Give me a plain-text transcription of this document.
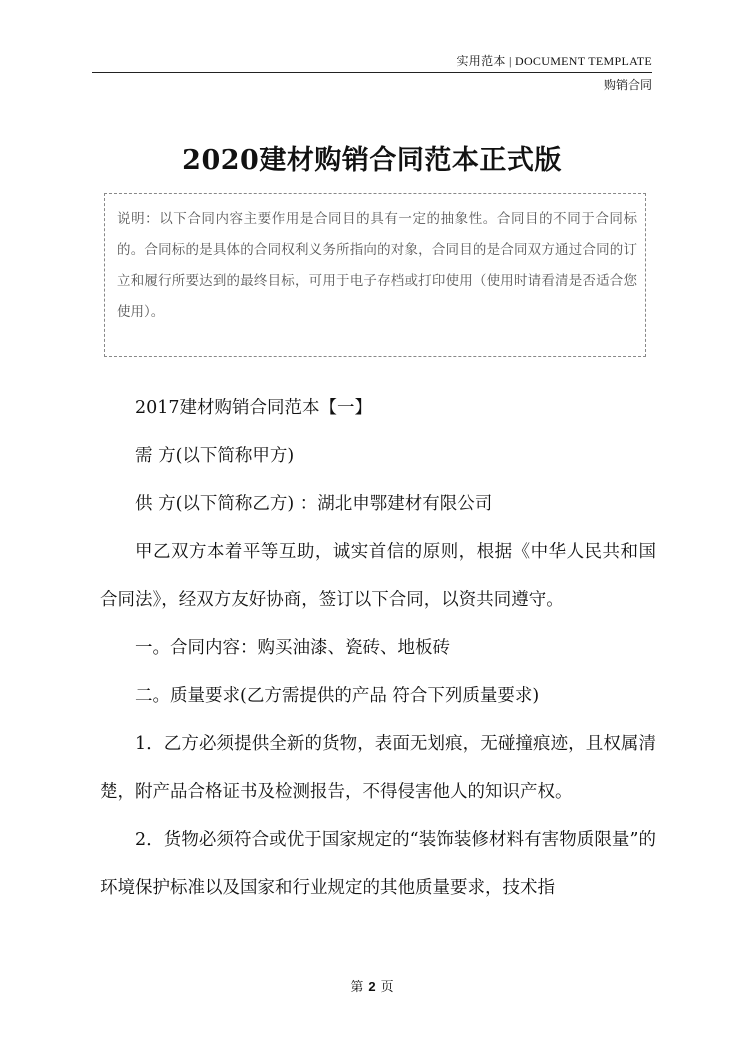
实用范本 | DOCUMENT TEMPLATE
购销合同
2020建材购销合同范本正式版
说明：以下合同内容主要作用是合同目的具有一定的抽象性。合同目的不同于合同标的。合同标的是具体的合同权利义务所指向的对象，合同目的是合同双方通过合同的订立和履行所要达到的最终目标，可用于电子存档或打印使用（使用时请看清是否适合您使用）。

2017建材购销合同范本【一】

需 方(以下简称甲方)

供 方(以下简称乙方) ：湖北申鄂建材有限公司

甲乙双方本着平等互助，诚实首信的原则，根据《中华人民共和国合同法》，经双方友好协商，签订以下合同，以资共同遵守。

一。合同内容：购买油漆、瓷砖、地板砖

二。质量要求(乙方需提供的产品 符合下列质量要求)

1．乙方必须提供全新的货物，表面无划痕，无碰撞痕迹，且权属清楚，附产品合格证书及检测报告，不得侵害他人的知识产权。

2．货物必须符合或优于国家规定的“装饰装修材料有害物质限量”的环境保护标准以及国家和行业规定的其他质量要求，技术指

第 2 页
